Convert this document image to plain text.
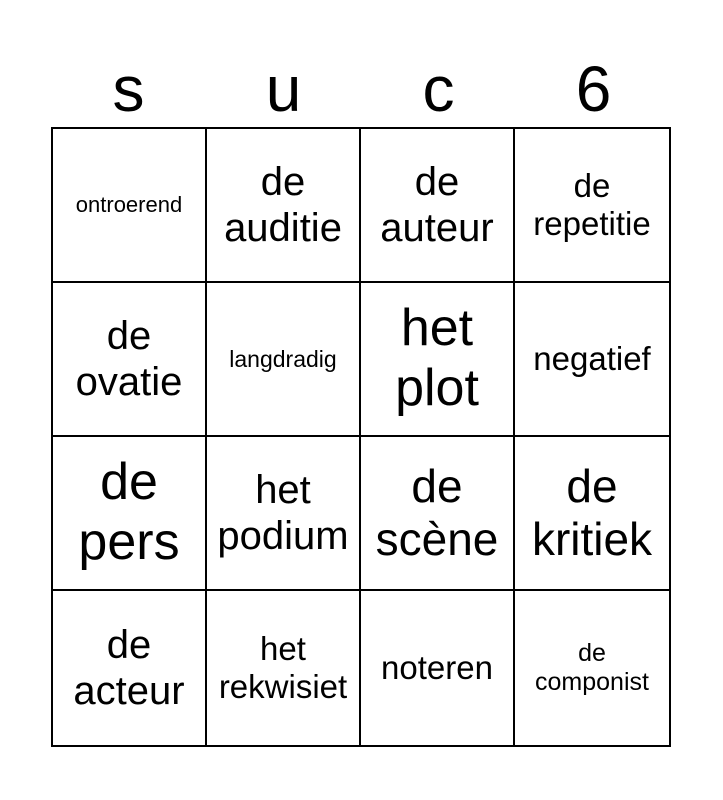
s	u	c	6
ontroerend
de
auditie
de
auteur
de
repetitie
de
ovatie
langdradig
het
plot
negatief
de
pers
het
podium
de
scène
de
kritiek
de
acteur
het
rekwisiet
noteren	de
componist
